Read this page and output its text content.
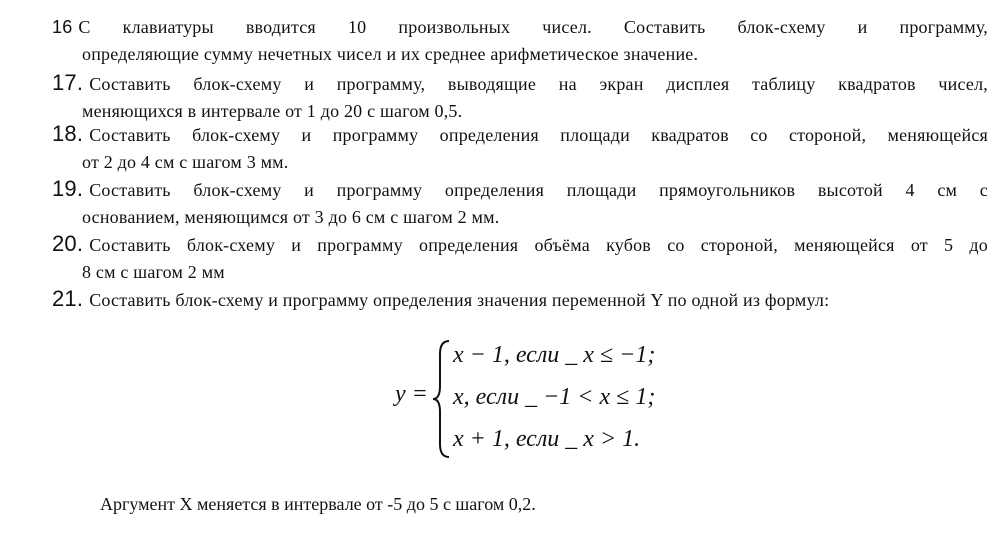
16 С клавиатуры вводится 10 произвольных чисел. Составить блок-схему и программу,
определяющие сумму нечетных чисел и их среднее арифметическое значение.
17. Составить блок-схему и программу, выводящие на экран дисплея таблицу квадратов чисел,
меняющихся в интервале от 1 до 20 с шагом 0,5.
18. Составить блок-схему и программу определения площади квадратов со стороной, меняющейся
от 2 до 4 см с шагом 3 мм.
19. Составить блок-схему и программу определения площади прямоугольников высотой 4 см с
основанием, меняющимся от 3 до 6 см с шагом 2 мм.
20. Составить блок-схему и программу определения объёма кубов со стороной, меняющейся от 5 до
8 см с шагом 2 мм
21. Составить блок-схему и программу определения значения переменной Y по одной из формул:
y =
x − 1, если _ x ≤ −1;
x, если _ −1 < x ≤ 1;
x + 1, если _ x > 1.
Аргумент X меняется в интервале от -5 до 5 с шагом 0,2.
